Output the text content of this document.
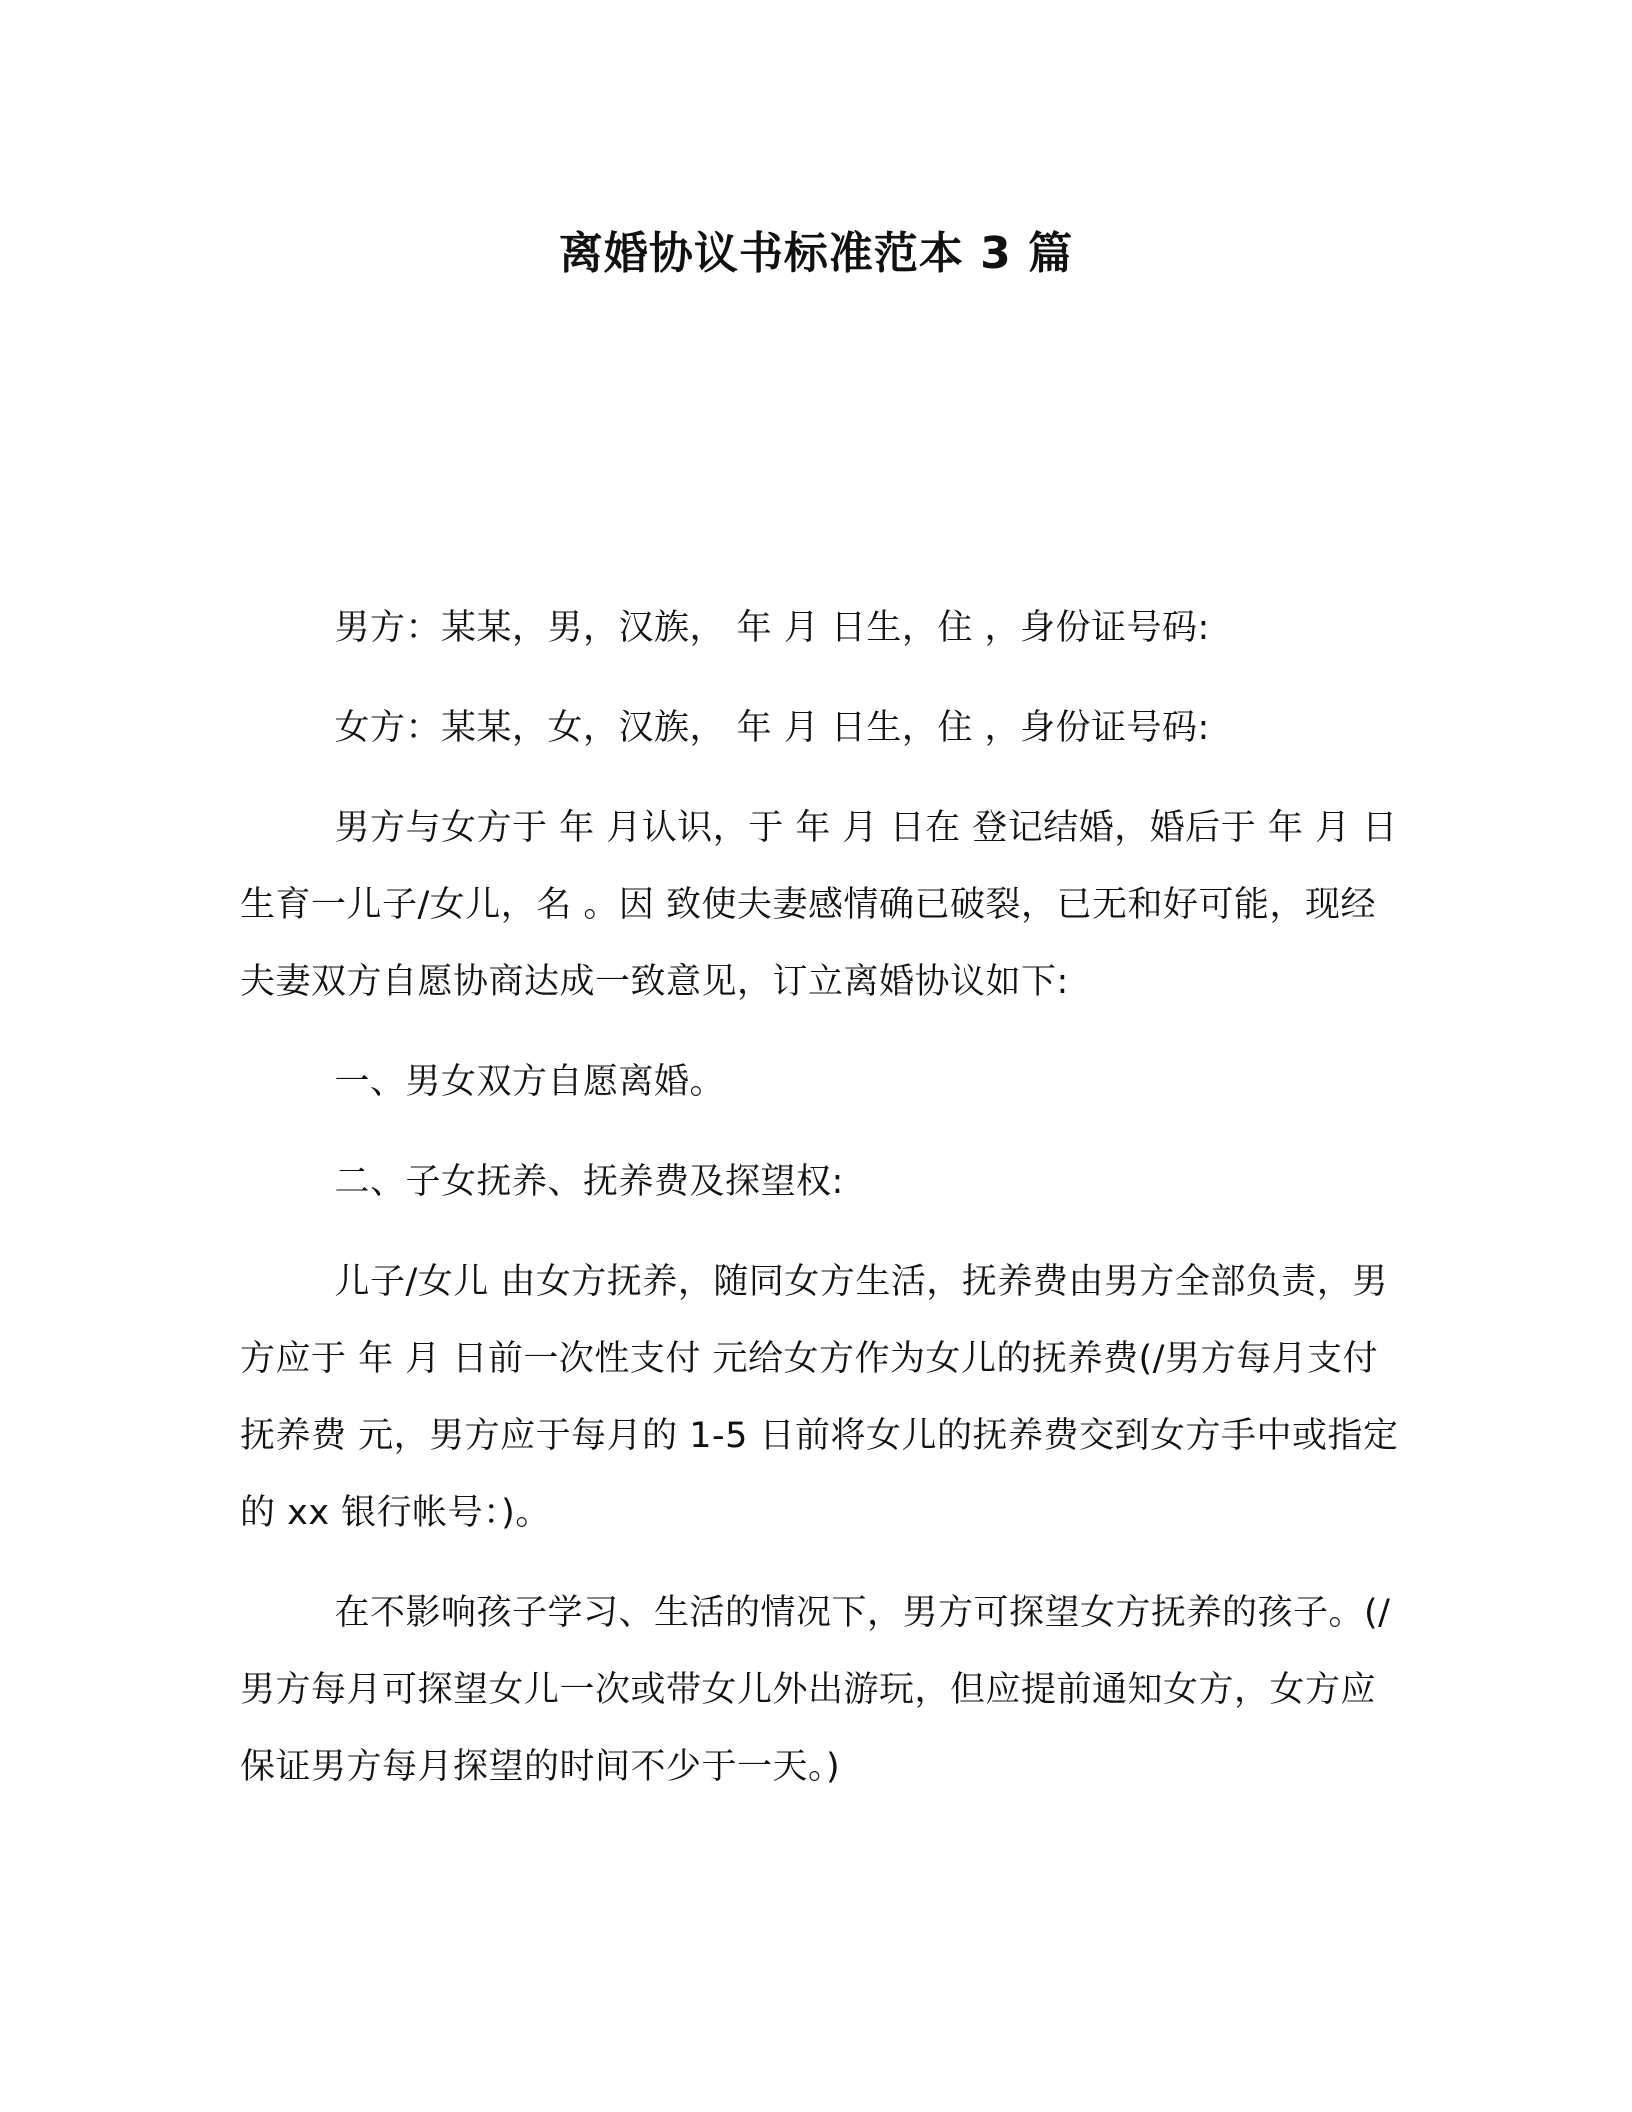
离婚协议书标准范本 3 篇

男方：某某，男，汉族， 年 月 日生，住 ，身份证号码:

女方：某某，女，汉族， 年 月 日生，住 ，身份证号码:

男方与女方于 年 月认识，于 年 月 日在 登记结婚，婚后于 年 月 日生育一儿子/女儿，名 。因 致使夫妻感情确已破裂，已无和好可能，现经夫妻双方自愿协商达成一致意见，订立离婚协议如下:

一、男女双方自愿离婚。

二、子女抚养、抚养费及探望权:

儿子/女儿 由女方抚养，随同女方生活，抚养费由男方全部负责，男方应于 年 月 日前一次性支付 元给女方作为女儿的抚养费(/男方每月支付抚养费 元，男方应于每月的 1-5 日前将女儿的抚养费交到女方手中或指定的 xx 银行帐号：)。

在不影响孩子学习、生活的情况下，男方可探望女方抚养的孩子。(/男方每月可探望女儿一次或带女儿外出游玩，但应提前通知女方，女方应保证男方每月探望的时间不少于一天。)
